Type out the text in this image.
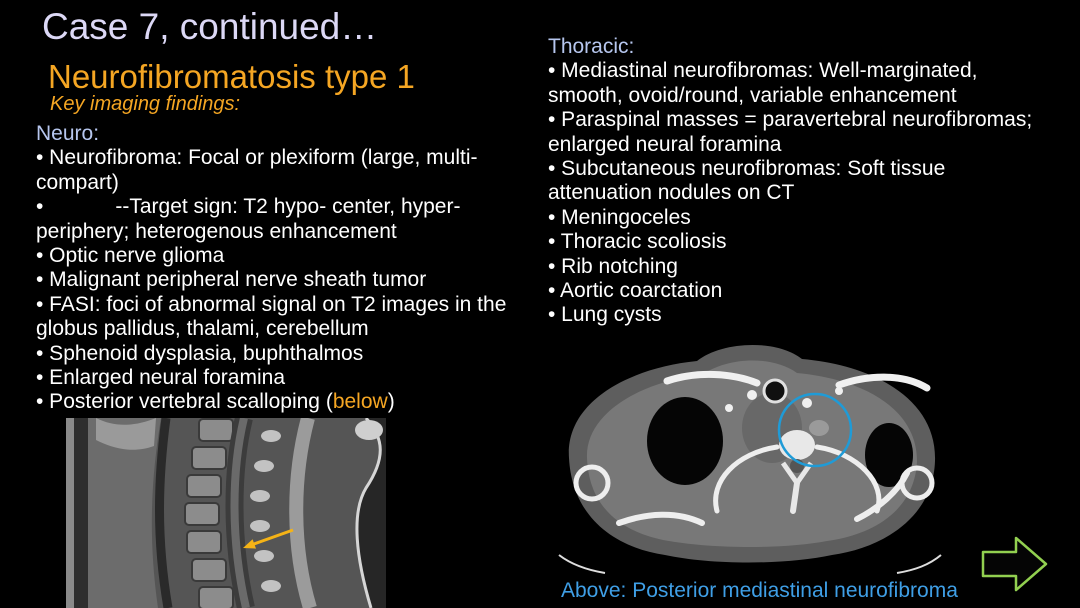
Case 7, continued…
Neurofibromatosis type 1
Key imaging findings:
Neuro:
• Neurofibroma: Focal or plexiform (large, multi-
compart)
•	--Target sign: T2 hypo- center, hyper-
periphery; heterogenous enhancement
• Optic nerve glioma
• Malignant peripheral nerve sheath tumor
• FASI: foci of abnormal signal on T2 images in the
globus pallidus, thalami, cerebellum
• Sphenoid dysplasia, buphthalmos
• Enlarged neural foramina
• Posterior vertebral scalloping (below)
Thoracic:
• Mediastinal neurofibromas: Well-marginated,
smooth, ovoid/round, variable enhancement
• Paraspinal masses = paravertebral neurofibromas;
enlarged neural foramina
• Subcutaneous neurofibromas: Soft tissue
attenuation nodules on CT
• Meningoceles
• Thoracic scoliosis
• Rib notching
• Aortic coarctation
• Lung cysts
Above: Posterior mediastinal neurofibroma
